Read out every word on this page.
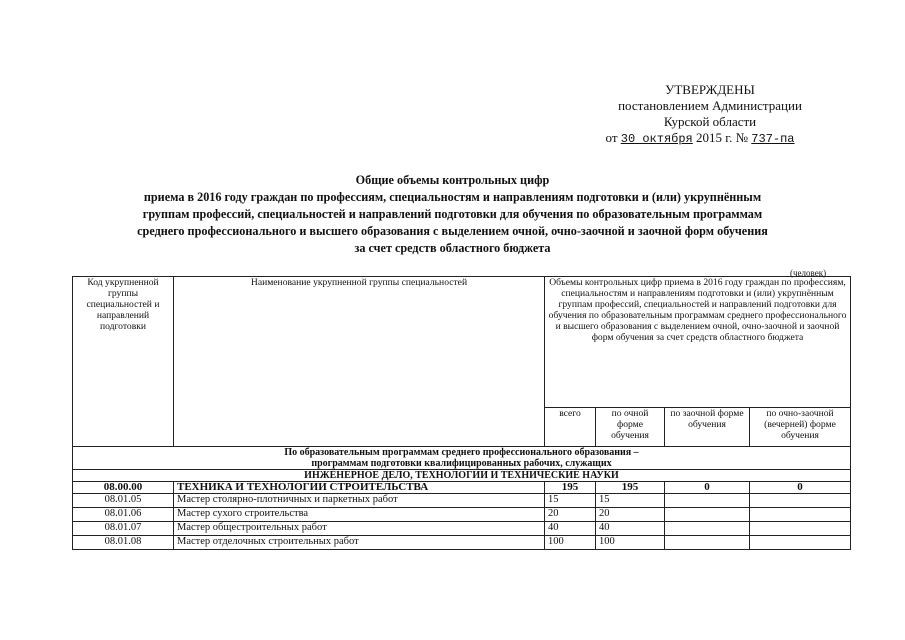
УТВЕРЖДЕНЫ
постановлением Администрации
Курской области
от 30 октября 2015 г. № 737-па
Общие объемы контрольных цифр
приема в 2016 году граждан по профессиям, специальностям и направлениям подготовки и (или) укрупнённым
группам профессий, специальностей и направлений подготовки для обучения по образовательным программам
среднего профессионального и высшего образования с выделением очной, очно-заочной и заочной форм обучения
за счет средств областного бюджета
(человек)
Код укрупненной группы специальностей и направлений подготовки	Наименование укрупненной группы специальностей	Объемы контрольных цифр приема в 2016 году граждан по профессиям, специальностям и направлениям подготовки и (или) укрупнённым группам профессий, специальностей и направлений подготовки для обучения по образовательным программам среднего профессионального и высшего образования с выделением очной, очно-заочной и заочной форм обучения за счет средств областного бюджета			
		всего	по очной форме обучения	по заочной форме обучения	по очно-заочной (вечерней) форме обучения

По образовательным программам среднего профессионального образования –
программам подготовки квалифицированных рабочих, служащих					

ИНЖЕНЕРНОЕ ДЕЛО, ТЕХНОЛОГИИ И ТЕХНИЧЕСКИЕ НАУКИ					
08.00.00	ТЕХНИКА И ТЕХНОЛОГИИ СТРОИТЕЛЬСТВА	195	195	0	0
08.01.05	Мастер столярно-плотничных и паркетных работ	15	15		
08.01.06	Мастер сухого строительства	20	20		
08.01.07	Мастер общестроительных работ	40	40		
08.01.08	Мастер отделочных строительных работ	100	100		
